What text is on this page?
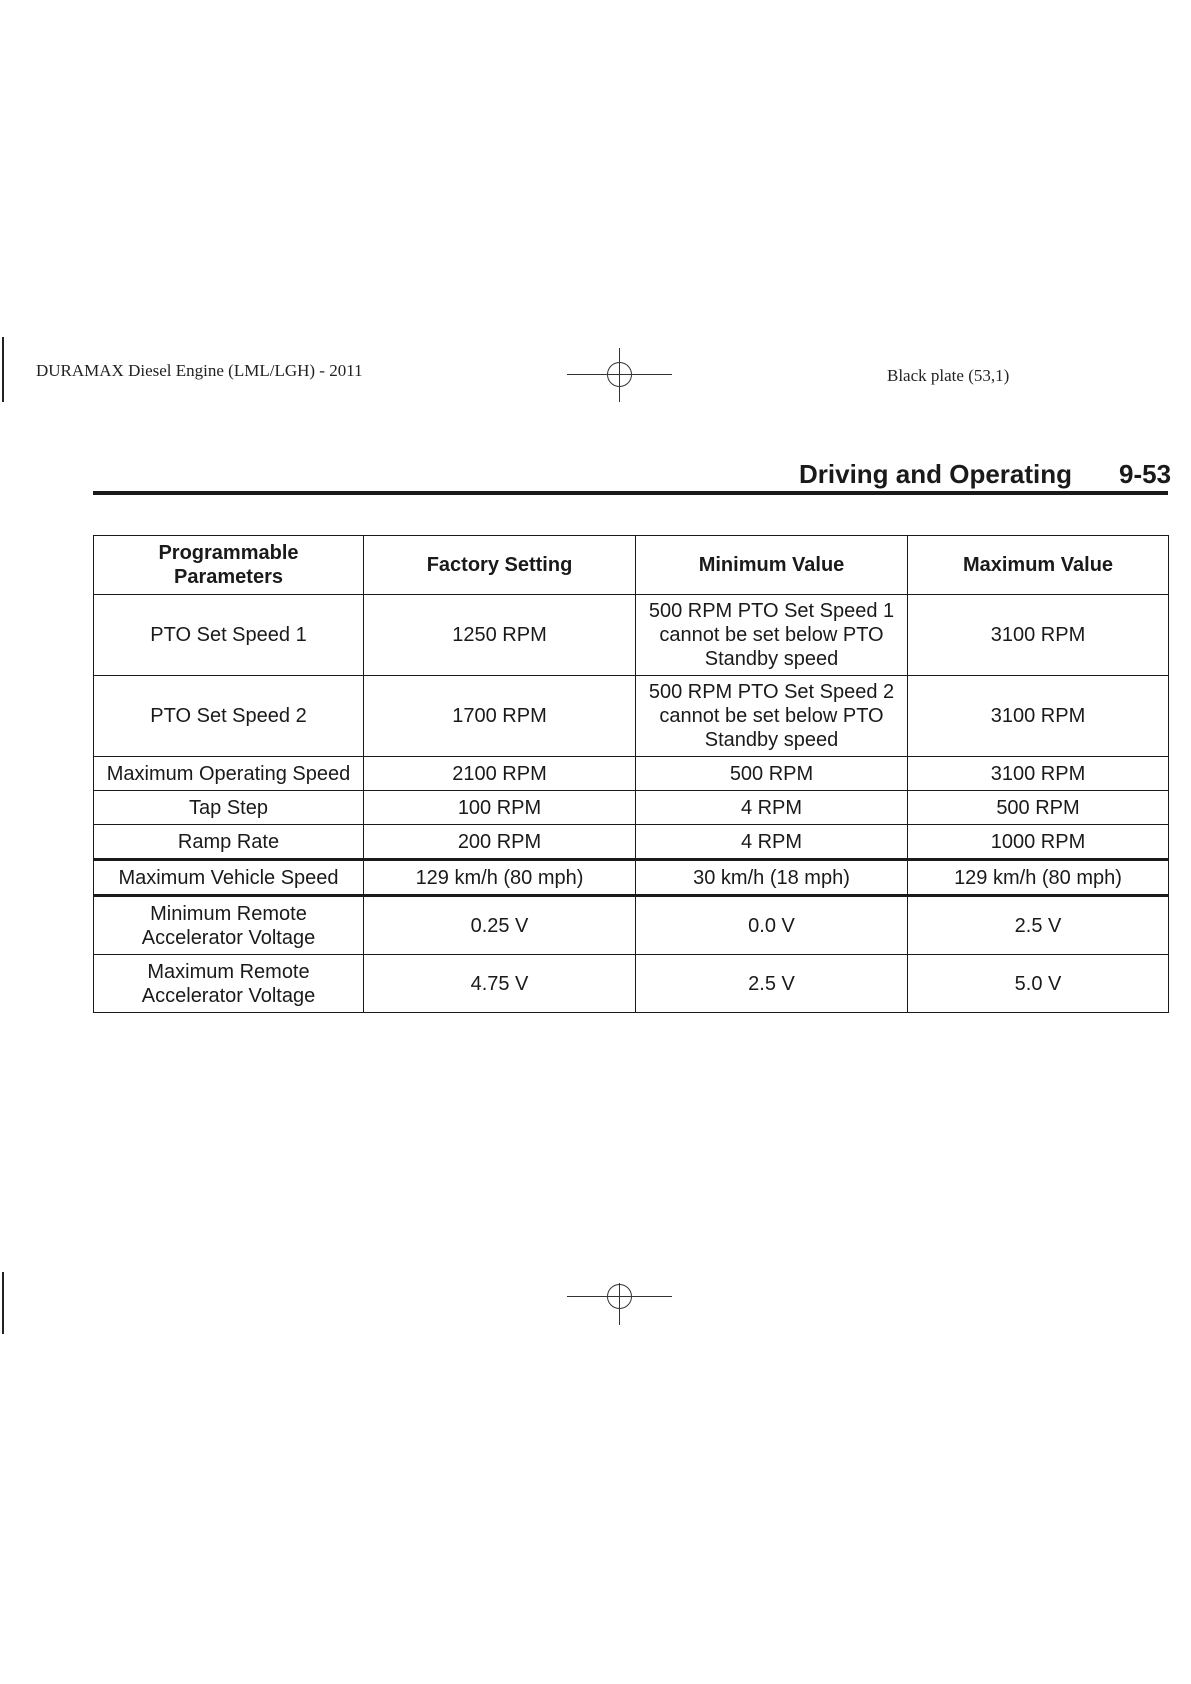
DURAMAX Diesel Engine (LML/LGH) - 2011	Black plate (53,1)
Driving and Operating 9-53
Programmable
Parameters	Factory Setting	Minimum Value	Maximum Value
PTO Set Speed 1	1250 RPM	500 RPM PTO Set Speed 1
cannot be set below PTO
Standby speed	3100 RPM
PTO Set Speed 2	1700 RPM	500 RPM PTO Set Speed 2
cannot be set below PTO
Standby speed	3100 RPM
Maximum Operating Speed	2100 RPM	500 RPM	3100 RPM
Tap Step	100 RPM	4 RPM	500 RPM
Ramp Rate	200 RPM	4 RPM	1000 RPM
Maximum Vehicle Speed	129 km/h (80 mph)	30 km/h (18 mph)	129 km/h (80 mph)
Minimum Remote
Accelerator Voltage	0.25 V	0.0 V	2.5 V
Maximum Remote
Accelerator Voltage	4.75 V	2.5 V	5.0 V
